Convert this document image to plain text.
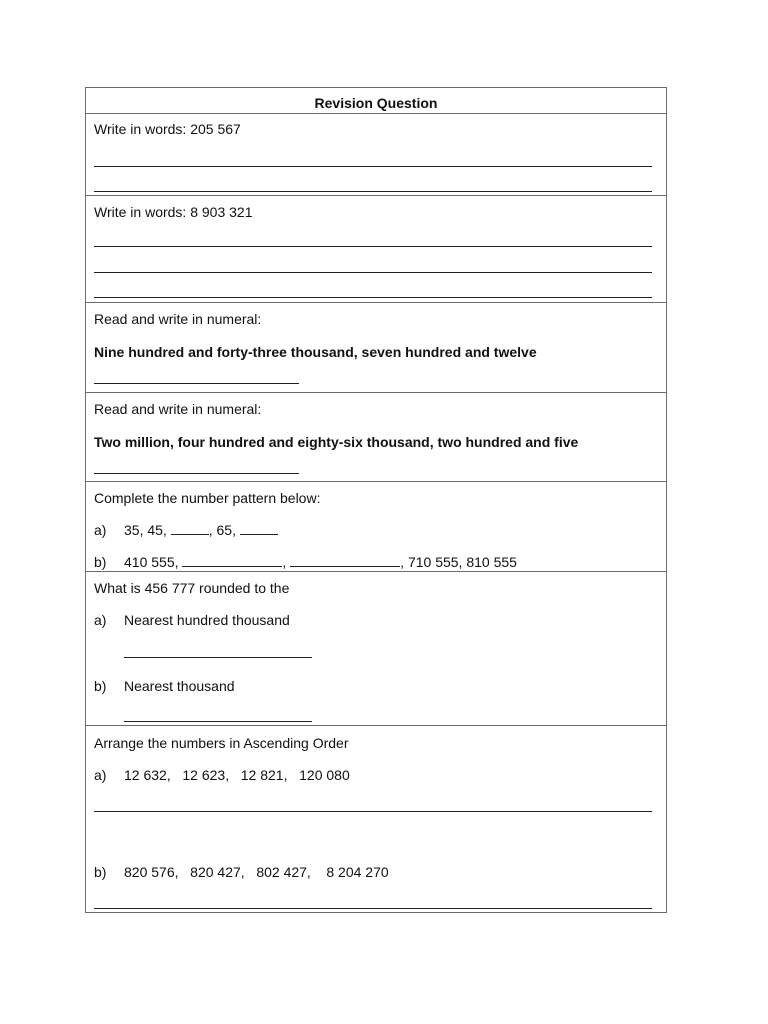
Revision Question
Write in words: 205 567
Write in words: 8 903 321
Read and write in numeral:
Nine hundred and forty-three thousand, seven hundred and twelve
Read and write in numeral:
Two million, four hundred and eighty-six thousand, two hundred and five
Complete the number pattern below:
a) 35, 45,	, 65,
b) 410 555,	,	, 710 555, 810 555
What is 456 777 rounded to the
a) Nearest hundred thousand
b) Nearest thousand
Arrange the numbers in Ascending Order
a) 12 632,   12 623,   12 821,   120 080
b) 820 576,   820 427,   802 427,    8 204 270
